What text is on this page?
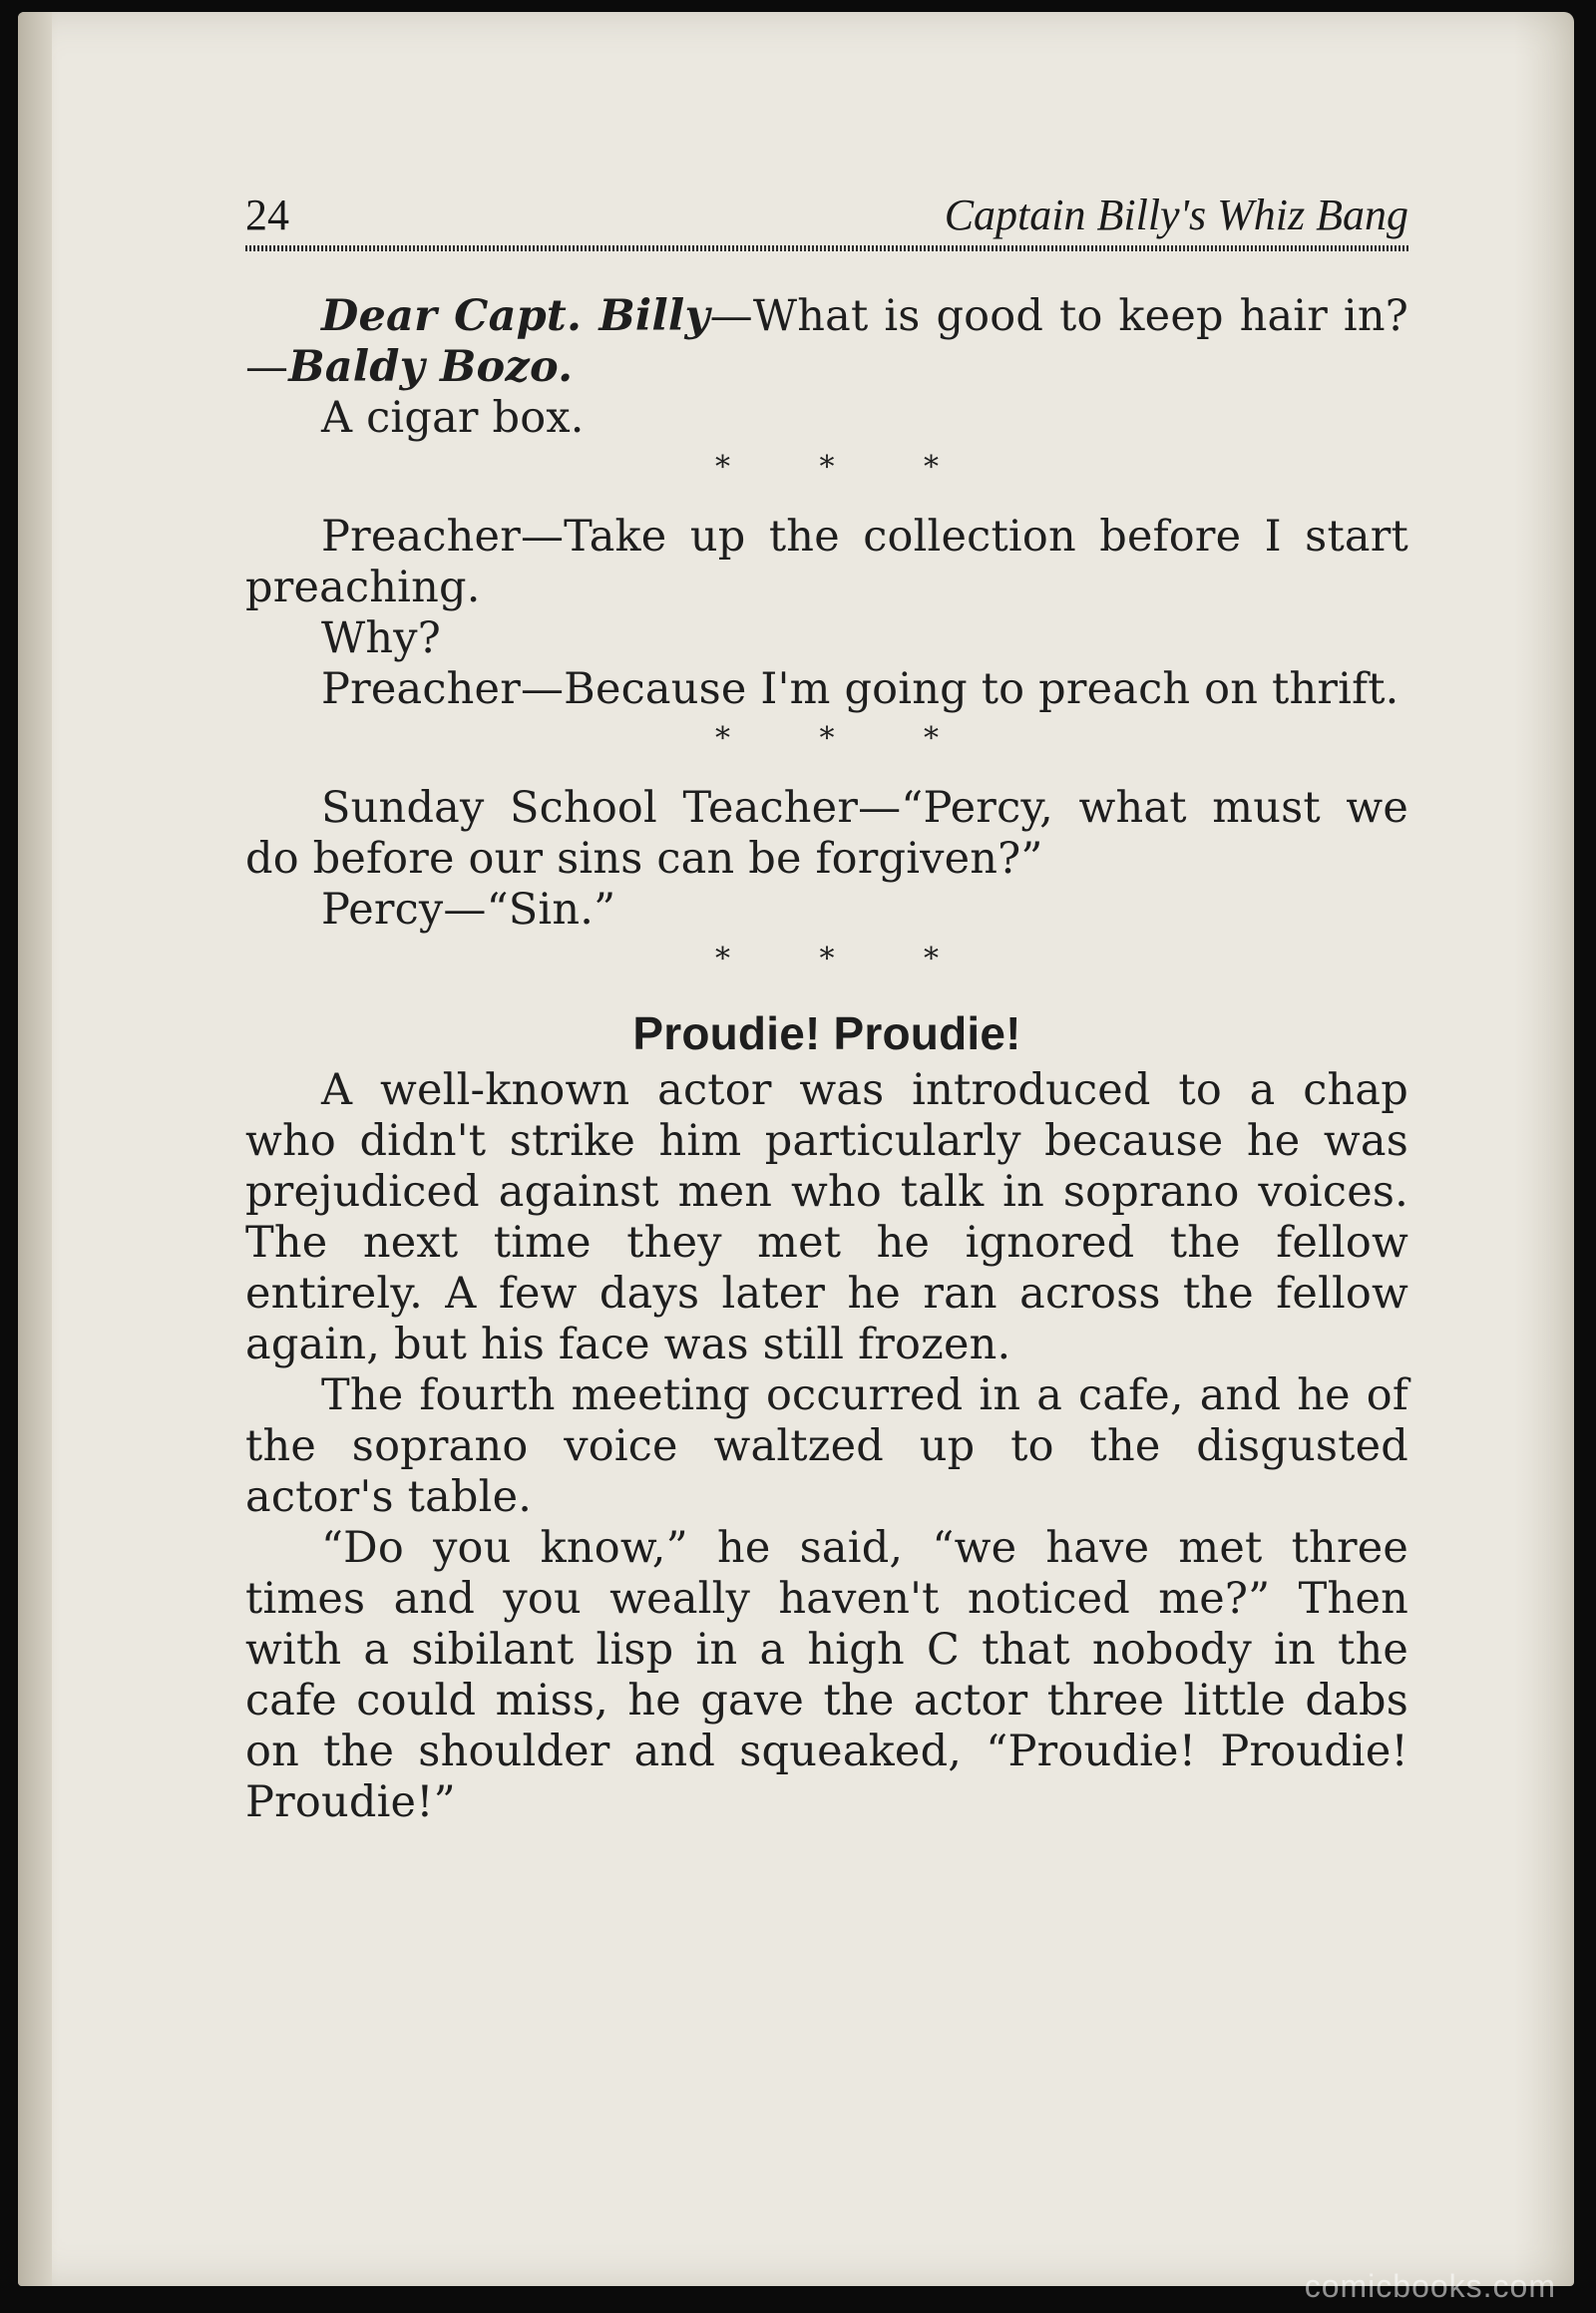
24	Captain Billy's Whiz Bang

Dear Capt. Billy—What is good to keep hair in?—Baldy Bozo.

A cigar box.

* * *

Preacher—Take up the collection before I start preaching.

Why?

Preacher—Because I'm going to preach on thrift.

* * *

Sunday School Teacher—“Percy, what must we do before our sins can be forgiven?”

Percy—“Sin.”

* * *
Proudie! Proudie!

A well-known actor was introduced to a chap who didn't strike him particularly because he was prejudiced against men who talk in soprano voices. The next time they met he ignored the fellow entirely. A few days later he ran across the fellow again, but his face was still frozen.

The fourth meeting occurred in a cafe, and he of the soprano voice waltzed up to the disgusted actor's table.

“Do you know,” he said, “we have met three times and you weally haven't noticed me?” Then with a sibilant lisp in a high C that nobody in the cafe could miss, he gave the actor three little dabs on the shoulder and squeaked, “Proudie! Proudie! Proudie!”

comicbooks.com
